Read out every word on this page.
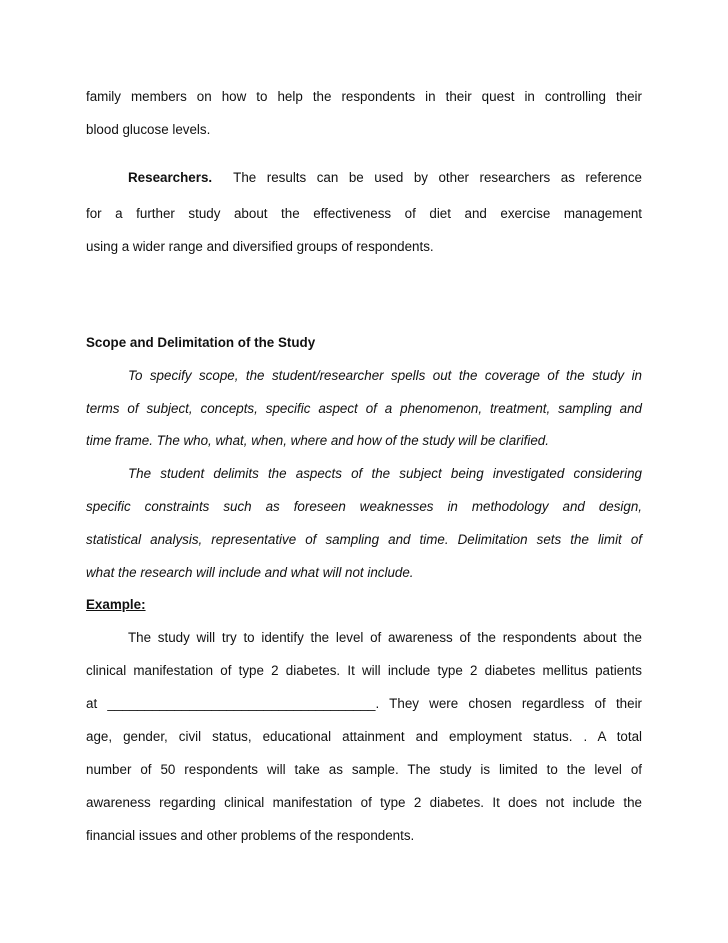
family members on how to help the respondents in their quest in controlling their
blood glucose levels.
Researchers. The results can be used by other researchers as reference
for a further study about the effectiveness of diet and exercise management
using a wider range and diversified groups of respondents.
Scope and Delimitation of the Study
To specify scope, the student/researcher spells out the coverage of the study in
terms of subject, concepts, specific aspect of a phenomenon, treatment, sampling and
time frame. The who, what, when, where and how of the study will be clarified.
The student delimits the aspects of the subject being investigated considering
specific constraints such as foreseen weaknesses in methodology and design,
statistical analysis, representative of sampling and time. Delimitation sets the limit of
what the research will include and what will not include.
Example:
The study will try to identify the level of awareness of the respondents about the
clinical manifestation of type 2 diabetes. It will include type 2 diabetes mellitus patients
at ____________________________________. They were chosen regardless of their
age, gender, civil status, educational attainment and employment status. . A total
number of 50 respondents will take as sample. The study is limited to the level of
awareness regarding clinical manifestation of type 2 diabetes. It does not include the
financial issues and other problems of the respondents.
